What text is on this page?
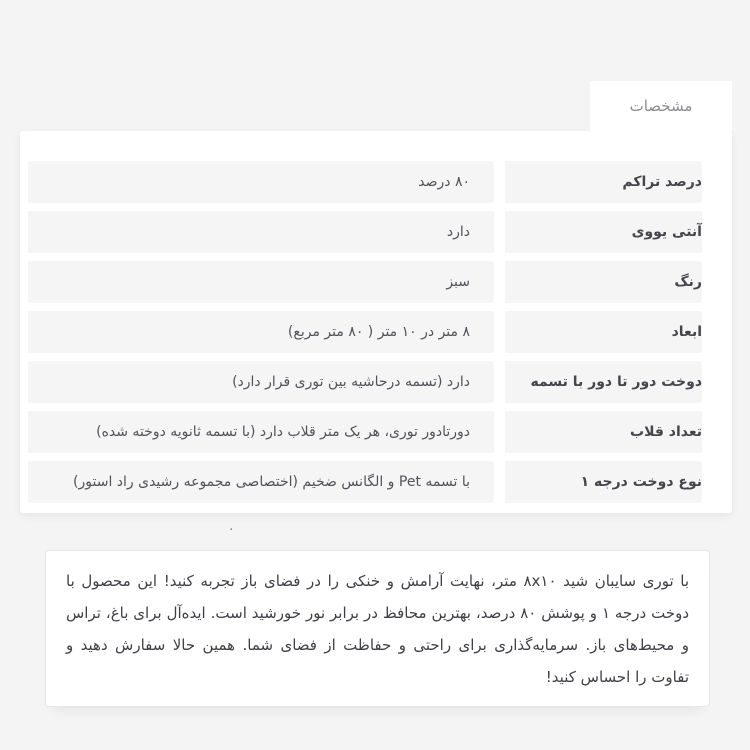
مشخصات
درصد تراکم
۸۰ درصد
آنتی یووی
دارد
رنگ
سبز
ابعاد
۸ متر در ۱۰ متر ( ۸۰ متر مربع)
دوخت دور تا دور با تسمه
دارد (تسمه درحاشیه بین توری قرار دارد)
تعداد قلاب
دورتادور توری، هر یک متر قلاب دارد (با تسمه ثانویه دوخته شده)
نوع دوخت درجه ۱
با تسمه Pet و الگانس ضخیم (اختصاصی مجموعه رشیدی راد استور)
.

با توری سایبان شید ۸x۱۰ متر، نهایت آرامش و خنکی را در فضای باز تجربه کنید! این محصول با دوخت درجه ۱ و پوشش ۸۰ درصد، بهترین محافظ در برابر نور خورشید است. ایده‌آل برای باغ، تراس و محیط‌های باز. سرمایه‌گذاری برای راحتی و حفاظت از فضای شما. همین حالا سفارش دهید و تفاوت را احساس کنید!
